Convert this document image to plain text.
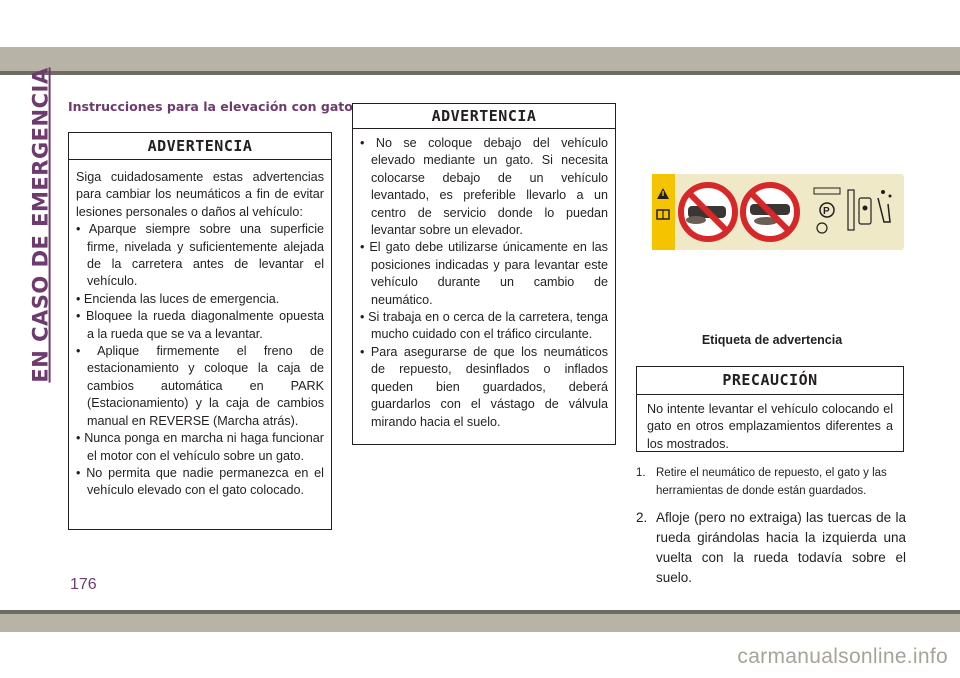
EN CASO DE EMERGENCIA Instrucciones para la elevación con gato
ADVERTENCIA

Siga cuidadosamente estas advertencias para cambiar los neumáticos a fin de evitar lesiones personales o daños al vehículo:

• Aparque siempre sobre una superficie firme, nivelada y suficientemente alejada de la carretera antes de levantar el vehículo.
• Encienda las luces de emergencia.
• Bloquee la rueda diagonalmente opuesta a la rueda que se va a levantar.
• Aplique firmemente el freno de estacionamiento y coloque la caja de cambios automática en PARK (Estacionamiento) y la caja de cambios manual en REVERSE (Marcha atrás).
• Nunca ponga en marcha ni haga funcionar el motor con el vehículo sobre un gato.
• No permita que nadie permanezca en el vehículo elevado con el gato colocado.
ADVERTENCIA
• No se coloque debajo del vehículo elevado mediante un gato. Si necesita colocarse debajo de un vehículo levantado, es preferible llevarlo a un centro de servicio donde lo puedan levantar sobre un elevador.
• El gato debe utilizarse únicamente en las posiciones indicadas y para levantar este vehículo durante un cambio de neumático.
• Si trabaja en o cerca de la carretera, tenga mucho cuidado con el tráfico circulante.
• Para asegurarse de que los neumáticos de repuesto, desinflados o inflados queden bien guardados, deberá guardarlos con el vástago de válvula mirando hacia el suelo.
P
Etiqueta de advertencia
PRECAUCIÓN

No intente levantar el vehículo colocando el gato en otros emplazamientos diferentes a los mostrados.

1. Retire el neumático de repuesto, el gato y las herramientas de donde están guardados.
2. Afloje (pero no extraiga) las tuercas de la rueda girándolas hacia la izquierda una vuelta con la rueda todavía sobre el suelo.
176
carmanualsonline.info
